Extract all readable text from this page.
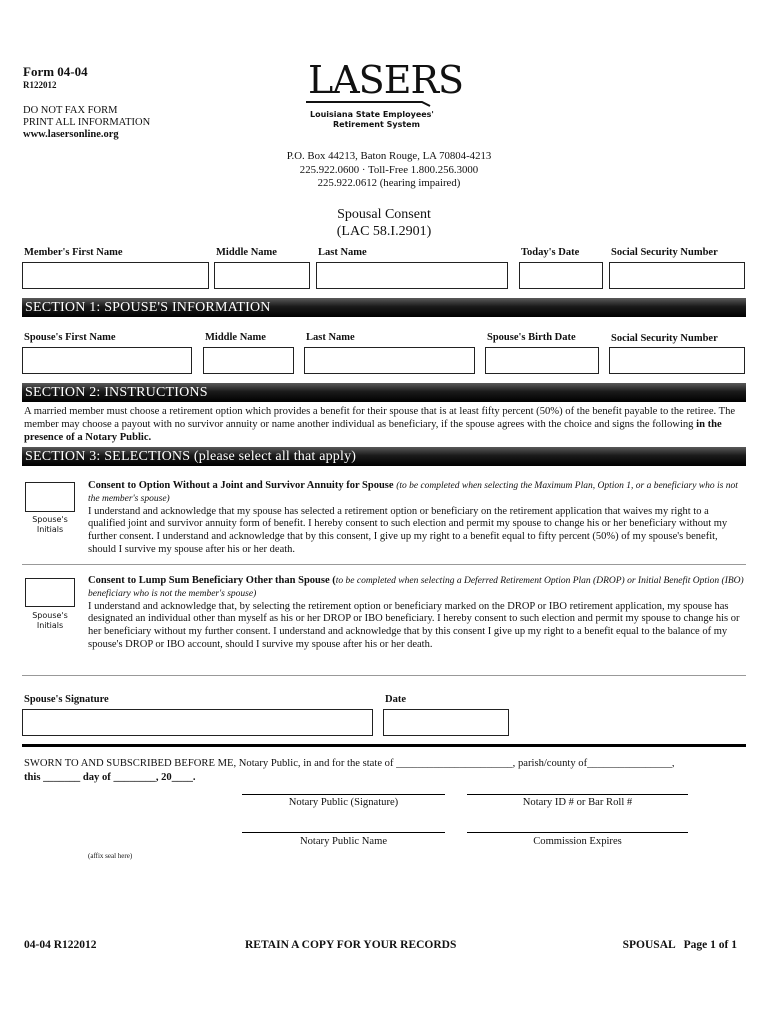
Form 04-04
R122012
DO NOT FAX FORM
PRINT ALL INFORMATION
www.lasersonline.org
LASERS
Louisiana State Employees'
Retirement System
P.O. Box 44213, Baton Rouge, LA 70804-4213
225.922.0600 · Toll-Free 1.800.256.3000
225.922.0612 (hearing impaired)
Spousal Consent
(LAC 58.I.2901)
Member's First Name	Middle Name	Last Name	Today's Date	Social Security Number
SECTION 1: SPOUSE'S INFORMATION
Spouse's First Name	Middle Name	Last Name	Spouse's Birth Date	Social Security Number
SECTION 2: INSTRUCTIONS
A married member must choose a retirement option which provides a benefit for their spouse that is at least fifty percent (50%) of the benefit payable to the retiree. The member may choose a payout with no survivor annuity or name another individual as beneficiary, if the spouse agrees with the choice and signs the following in the presence of a Notary Public.
SECTION 3: SELECTIONS (please select all that apply)
Spouse's
Initials
Consent to Option Without a Joint and Survivor Annuity for Spouse (to be completed when selecting the Maximum Plan, Option 1, or a beneficiary who is not the member's spouse)
I understand and acknowledge that my spouse has selected a retirement option or beneficiary on the retirement application that waives my right to a qualified joint and survivor annuity form of benefit. I hereby consent to such election and permit my spouse to change his or her beneficiary without my further consent. I understand and acknowledge that by this consent, I give up my right to a benefit equal to fifty percent (50%) of my spouse's benefit, should I survive my spouse after his or her death.
Spouse's
Initials
Consent to Lump Sum Beneficiary Other than Spouse (to be completed when selecting a Deferred Retirement Option Plan (DROP) or Initial Benefit Option (IBO) beneficiary who is not the member's spouse)
I understand and acknowledge that, by selecting the retirement option or beneficiary marked on the DROP or IBO retirement application, my spouse has designated an individual other than myself as his or her DROP or IBO beneficiary. I hereby consent to such election and permit my spouse to change his or her beneficiary without my further consent. I understand and acknowledge that by this consent I give up my right to a benefit equal to the balance of my spouse's DROP or IBO account, should I survive my spouse after his or her death.
Spouse's Signature	Date
SWORN TO AND SUBSCRIBED BEFORE ME, Notary Public, in and for the state of ______________________, parish/county of________________,
this _______ day of ________, 20____.
Notary Public (Signature)	Notary ID # or Bar Roll #
Notary Public Name	Commission Expires
(affix seal here)
04-04 R122012	RETAIN A COPY FOR YOUR RECORDS	SPOUSAL   Page 1 of 1
